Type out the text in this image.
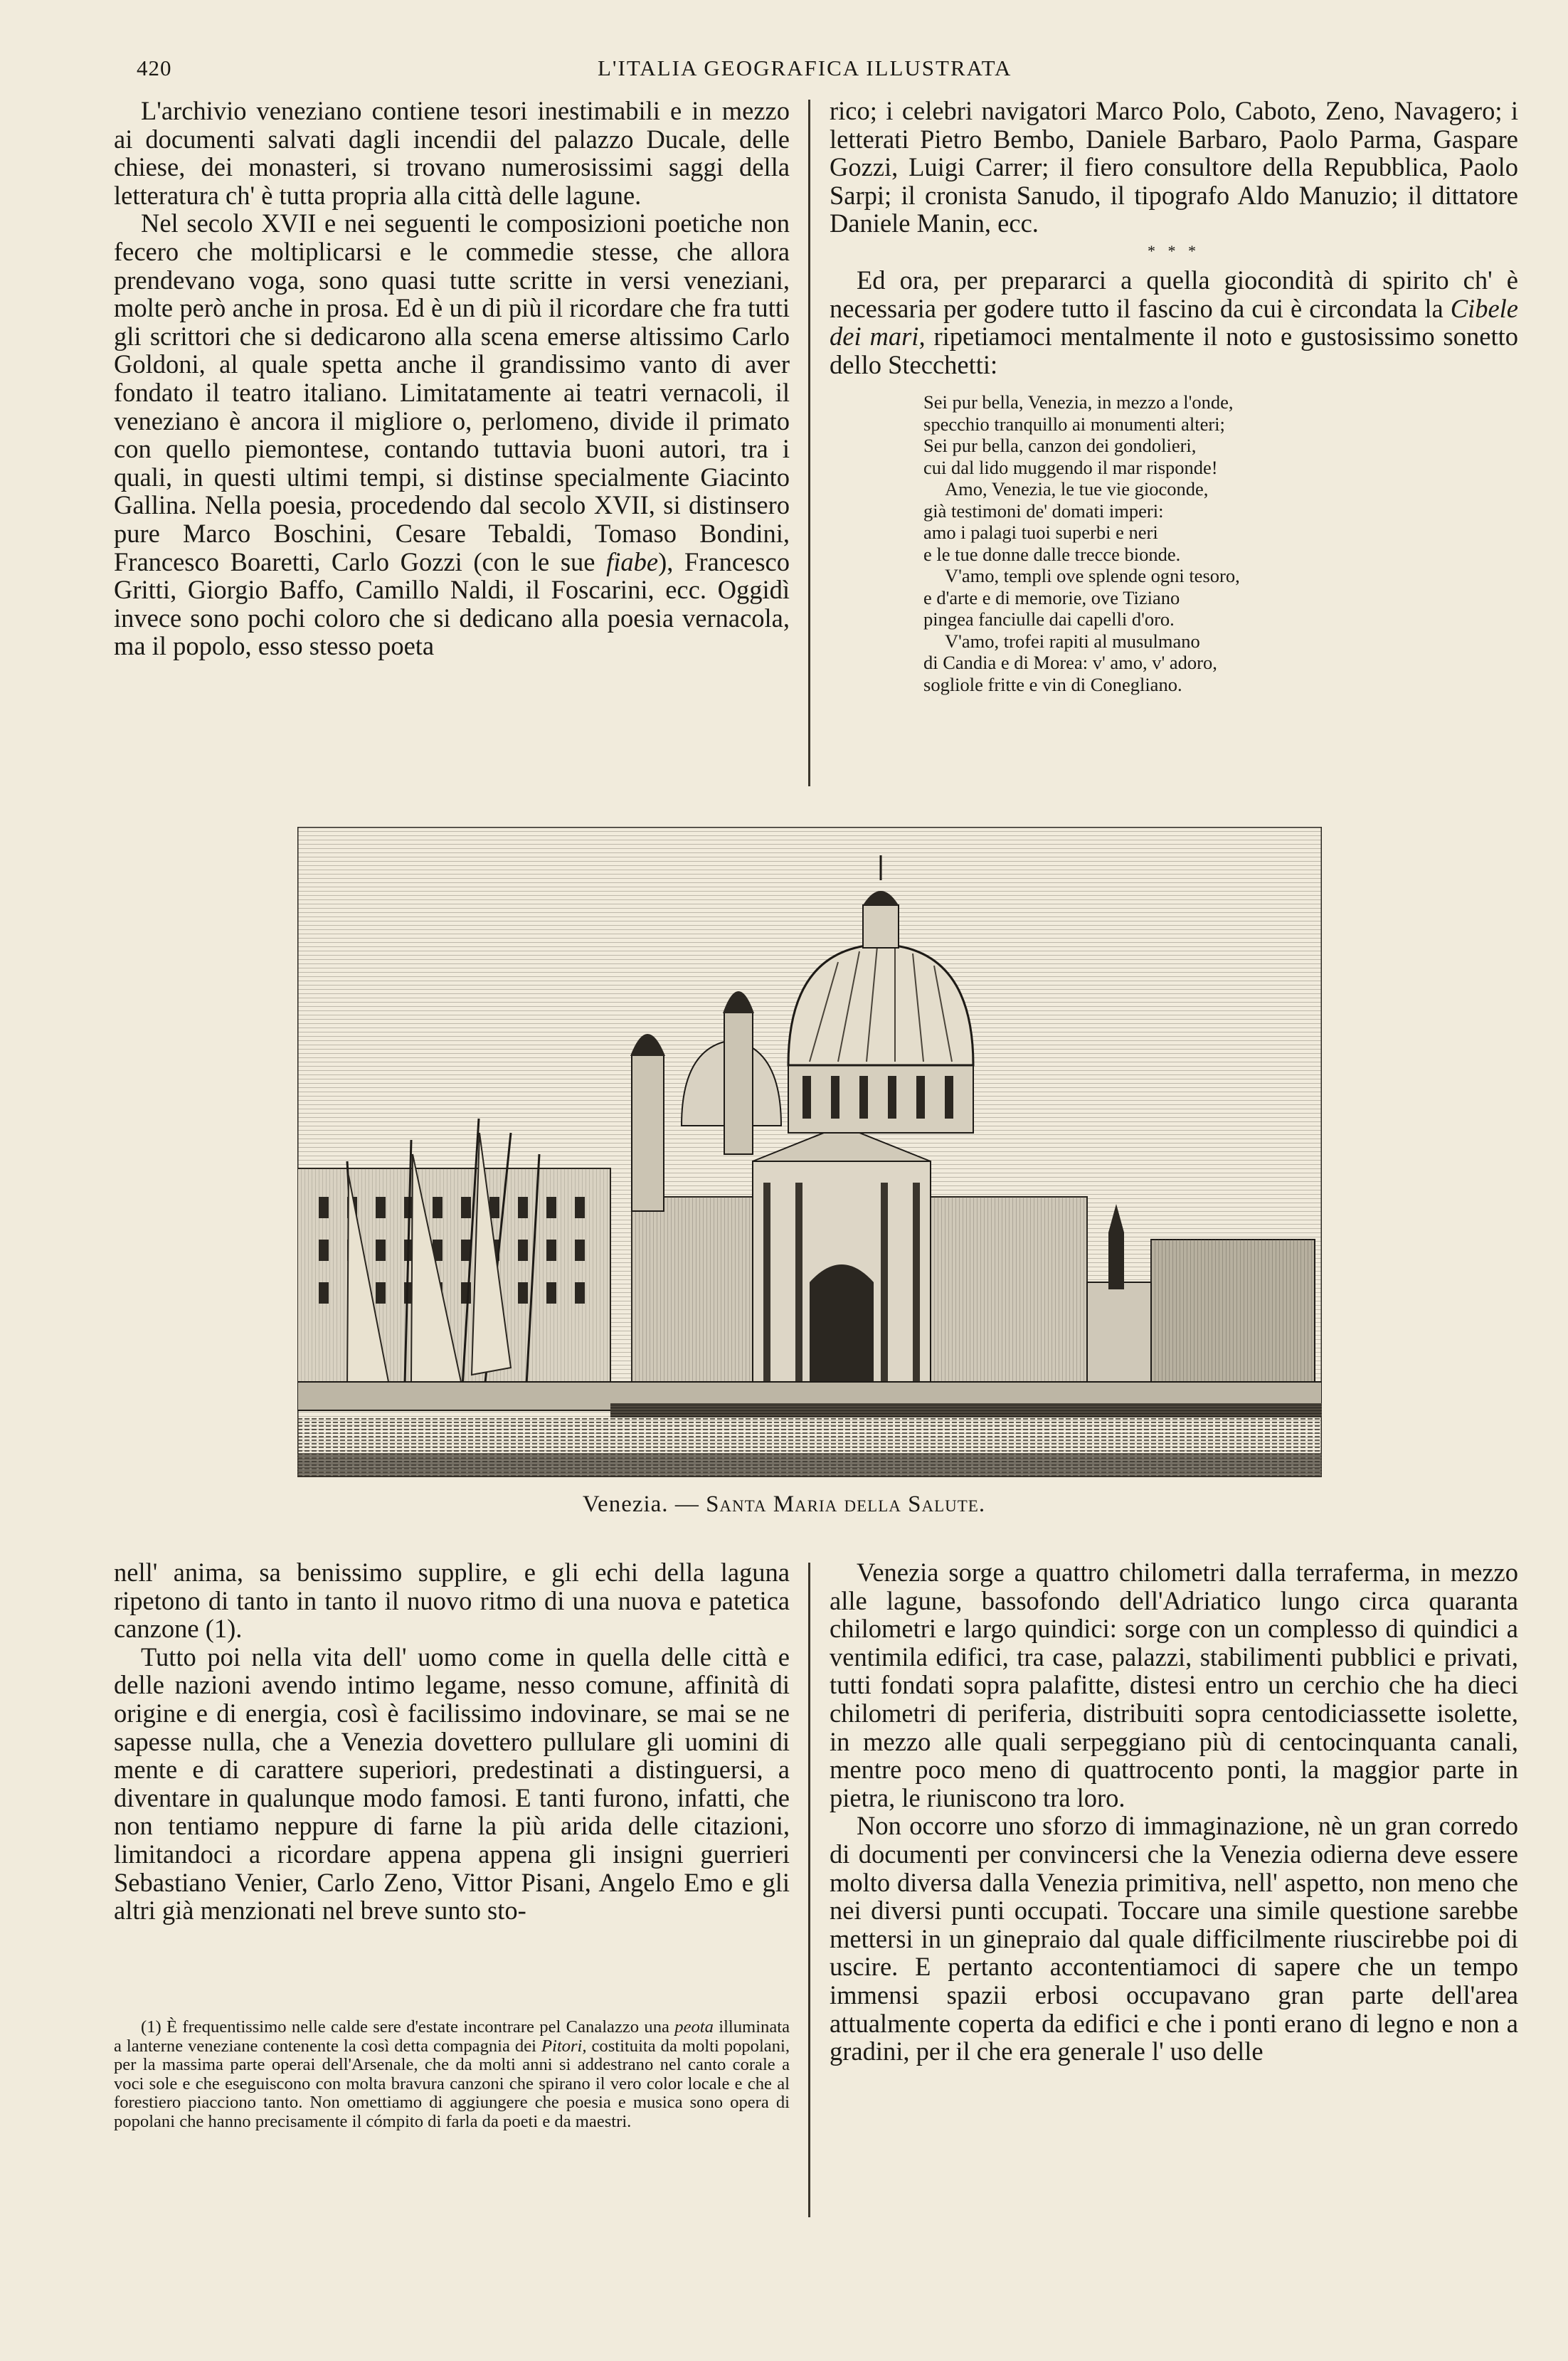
420	L'ITALIA GEOGRAFICA ILLUSTRATA

L'archivio veneziano contiene tesori inestimabili e in mezzo ai documenti salvati dagli incendii del palazzo Ducale, delle chiese, dei monasteri, si trovano numerosissimi saggi della letteratura ch' è tutta propria alla città delle lagune.

Nel secolo XVII e nei seguenti le composizioni poetiche non fecero che moltiplicarsi e le commedie stesse, che allora prendevano voga, sono quasi tutte scritte in versi veneziani, molte però anche in prosa. Ed è un di più il ricordare che fra tutti gli scrittori che si dedicarono alla scena emerse altissimo Carlo Goldoni, al quale spetta anche il grandissimo vanto di aver fondato il teatro italiano. Limitatamente ai teatri vernacoli, il veneziano è ancora il migliore o, perlomeno, divide il primato con quello piemontese, contando tuttavia buoni autori, tra i quali, in questi ultimi tempi, si distinse specialmente Giacinto Gallina. Nella poesia, procedendo dal secolo XVII, si distinsero pure Marco Boschini, Cesare Tebaldi, Tomaso Bondini, Francesco Boaretti, Carlo Gozzi (con le sue fiabe), Francesco Gritti, Giorgio Baffo, Camillo Naldi, il Foscarini, ecc. Oggidì invece sono pochi coloro che si dedicano alla poesia vernacola, ma il popolo, esso stesso poeta

rico; i celebri navigatori Marco Polo, Caboto, Zeno, Navagero; i letterati Pietro Bembo, Daniele Barbaro, Paolo Parma, Gaspare Gozzi, Luigi Carrer; il fiero consultore della Repubblica, Paolo Sarpi; il cronista Sanudo, il tipografo Aldo Manuzio; il dittatore Daniele Manin, ecc.

* * *

Ed ora, per prepararci a quella giocondità di spirito ch' è necessaria per godere tutto il fascino da cui è circondata la Cibele dei mari, ripetiamoci mentalmente il noto e gustosissimo sonetto dello Stecchetti:

Sei pur bella, Venezia, in mezzo a l'onde,
specchio tranquillo ai monumenti alteri;
Sei pur bella, canzon dei gondolieri,
cui dal lido muggendo il mar risponde!
Amo, Venezia, le tue vie gioconde,
già testimoni de' domati imperi:
amo i palagi tuoi superbi e neri
e le tue donne dalle trecce bionde.
V'amo, templi ove splende ogni tesoro,
e d'arte e di memorie, ove Tiziano
pingea fanciulle dai capelli d'oro.
V'amo, trofei rapiti al musulmano
di Candia e di Morea: v' amo, v' adoro,
sogliole fritte e vin di Conegliano.
Venezia. — Santa Maria della Salute.

nell' anima, sa benissimo supplire, e gli echi della laguna ripetono di tanto in tanto il nuovo ritmo di una nuova e patetica canzone (1).

Tutto poi nella vita dell' uomo come in quella delle città e delle nazioni avendo intimo legame, nesso comune, affinità di origine e di energia, così è facilissimo indovinare, se mai se ne sapesse nulla, che a Venezia dovettero pullulare gli uomini di mente e di carattere superiori, predestinati a distinguersi, a diventare in qualunque modo famosi. E tanti furono, infatti, che non tentiamo neppure di farne la più arida delle citazioni, limitandoci a ricordare appena appena gli insigni guerrieri Sebastiano Venier, Carlo Zeno, Vittor Pisani, Angelo Emo e gli altri già menzionati nel breve sunto sto-

(1) È frequentissimo nelle calde sere d'estate incontrare pel Canalazzo una peota illuminata a lanterne veneziane contenente la così detta compagnia dei Pitori, costituita da molti popolani, per la massima parte operai dell'Arsenale, che da molti anni si addestrano nel canto corale a voci sole e che eseguiscono con molta bravura canzoni che spirano il vero color locale e che al forestiero piacciono tanto. Non omettiamo di aggiungere che poesia e musica sono opera di popolani che hanno precisamente il cómpito di farla da poeti e da maestri.

Venezia sorge a quattro chilometri dalla terraferma, in mezzo alle lagune, bassofondo dell'Adriatico lungo circa quaranta chilometri e largo quindici: sorge con un complesso di quindici a ventimila edifici, tra case, palazzi, stabilimenti pubblici e privati, tutti fondati sopra palafitte, distesi entro un cerchio che ha dieci chilometri di periferia, distribuiti sopra centodiciassette isolette, in mezzo alle quali serpeggiano più di centocinquanta canali, mentre poco meno di quattrocento ponti, la maggior parte in pietra, le riuniscono tra loro.

Non occorre uno sforzo di immaginazione, nè un gran corredo di documenti per convincersi che la Venezia odierna deve essere molto diversa dalla Venezia primitiva, nell' aspetto, non meno che nei diversi punti occupati. Toccare una simile questione sarebbe mettersi in un ginepraio dal quale difficilmente riuscirebbe poi di uscire. E pertanto accontentiamoci di sapere che un tempo immensi spazii erbosi occupavano gran parte dell'area attualmente coperta da edifici e che i ponti erano di legno e non a gradini, per il che era generale l' uso delle
